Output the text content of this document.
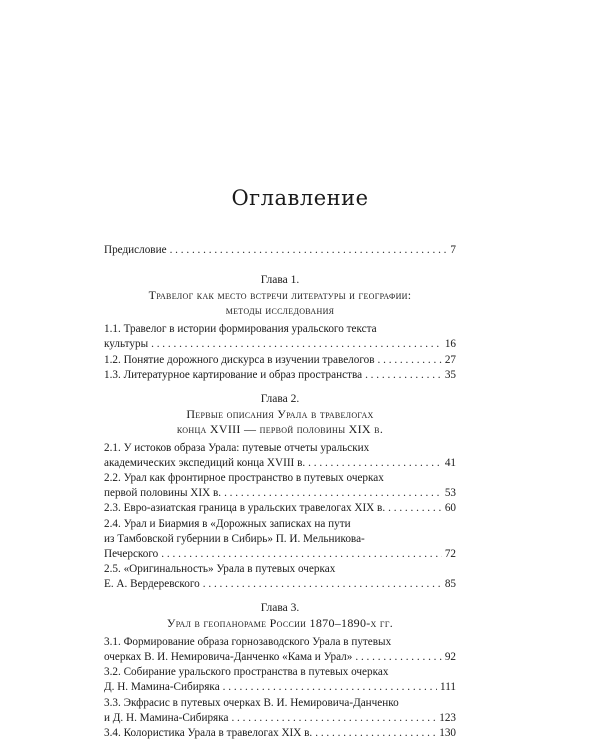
Оглавление
Предисловие . . .	7
Глава 1.
Травелог как место встречи литературы и географии:
методы исследования
1.1. Травелог в истории формирования уральского текста
культуры . . .	16
1.2. Понятие дорожного дискурса в изучении травелогов . . .	27
1.3. Литературное картирование и образ пространства . . .	35
Глава 2.
Первые описания Урала в травелогах
конца XVIII — первой половины XIX в.
2.1. У истоков образа Урала: путевые отчеты уральских
академических экспедиций конца XVIII в. . . .	41
2.2. Урал как фронтирное пространство в путевых очерках
первой половины XIX в. . . .	53
2.3. Евро-азиатская граница в уральских травелогах XIX в. . . .	60
2.4. Урал и Биармия в «Дорожных записках на пути
из Тамбовской губернии в Сибирь» П. И. Мельникова-
Печерского . . .	72
2.5. «Оригинальность» Урала в путевых очерках
Е. А. Вердеревского . . .	85
Глава 3.
Урал в геопанораме России 1870–1890-х гг.
3.1. Формирование образа горнозаводского Урала в путевых
очерках В. И. Немировича-Данченко «Кама и Урал» . . .	92
3.2. Собирание уральского пространства в путевых очерках
Д. Н. Мамина-Сибиряка . . .	111
3.3. Экфрасис в путевых очерках В. И. Немировича-Данченко
и Д. Н. Мамина-Сибиряка . . .	123
3.4. Колористика Урала в травелогах XIX в. . . .	130
